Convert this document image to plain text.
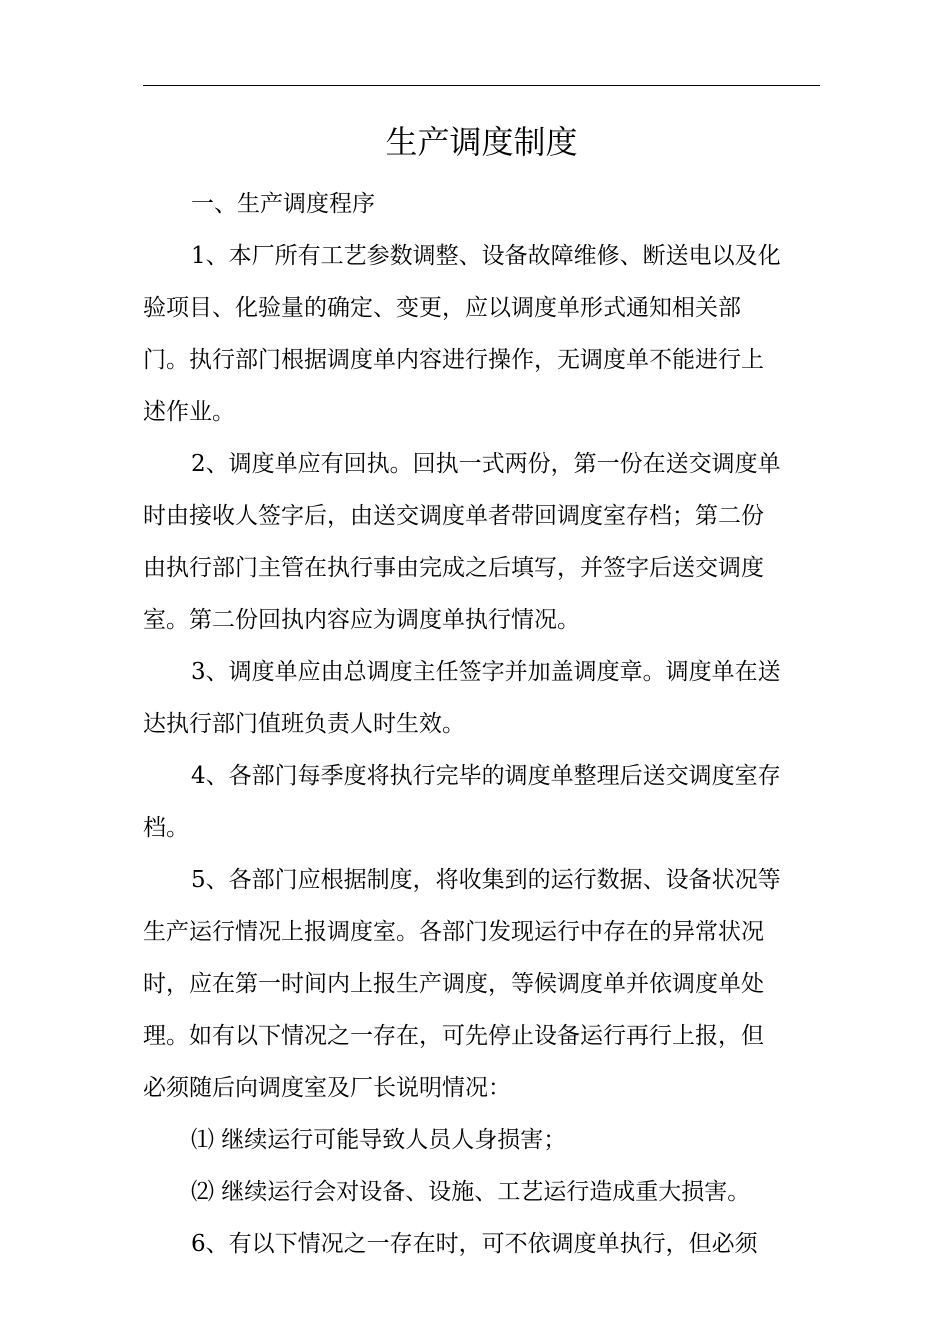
生产调度制度

一、生产调度程序

1、本厂所有工艺参数调整、设备故障维修、断送电以及化
验项目、化验量的确定、变更，应以调度单形式通知相关部
门。执行部门根据调度单内容进行操作，无调度单不能进行上
述作业。

2、调度单应有回执。回执一式两份，第一份在送交调度单
时由接收人签字后，由送交调度单者带回调度室存档；第二份
由执行部门主管在执行事由完成之后填写，并签字后送交调度
室。第二份回执内容应为调度单执行情况。

3、调度单应由总调度主任签字并加盖调度章。调度单在送
达执行部门值班负责人时生效。

4、各部门每季度将执行完毕的调度单整理后送交调度室存
档。

5、各部门应根据制度，将收集到的运行数据、设备状况等
生产运行情况上报调度室。各部门发现运行中存在的异常状况
时，应在第一时间内上报生产调度，等候调度单并依调度单处
理。如有以下情况之一存在，可先停止设备运行再行上报，但
必须随后向调度室及厂长说明情况：

⑴ 继续运行可能导致人员人身损害；

⑵ 继续运行会对设备、设施、工艺运行造成重大损害。

6、有以下情况之一存在时，可不依调度单执行，但必须
